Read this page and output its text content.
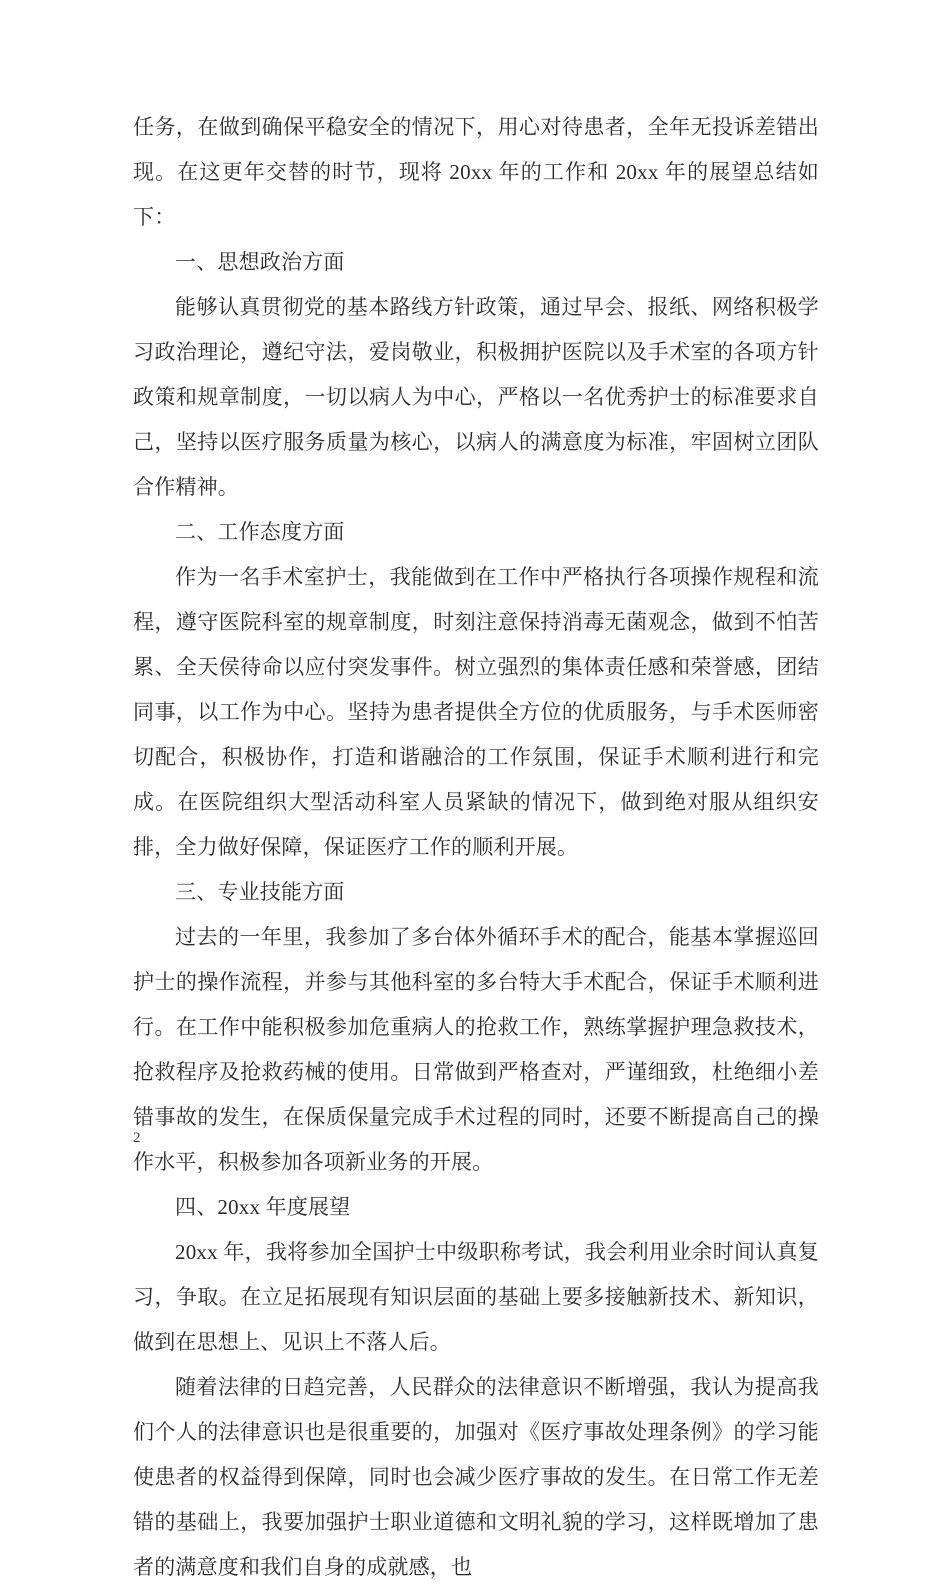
任务，在做到确保平稳安全的情况下，用心对待患者，全年无投诉差错出现。在这更年交替的时节，现将 20xx 年的工作和 20xx 年的展望总结如下：

一、思想政治方面

能够认真贯彻党的基本路线方针政策，通过早会、报纸、网络积极学习政治理论，遵纪守法，爱岗敬业，积极拥护医院以及手术室的各项方针政策和规章制度，一切以病人为中心，严格以一名优秀护士的标准要求自己，坚持以医疗服务质量为核心，以病人的满意度为标准，牢固树立团队合作精神。

二、工作态度方面

作为一名手术室护士，我能做到在工作中严格执行各项操作规程和流程，遵守医院科室的规章制度，时刻注意保持消毒无菌观念，做到不怕苦累、全天侯待命以应付突发事件。树立强烈的集体责任感和荣誉感，团结同事，以工作为中心。坚持为患者提供全方位的优质服务，与手术医师密切配合，积极协作，打造和谐融洽的工作氛围，保证手术顺利进行和完成。在医院组织大型活动科室人员紧缺的情况下，做到绝对服从组织安排，全力做好保障，保证医疗工作的顺利开展。

三、专业技能方面

过去的一年里，我参加了多台体外循环手术的配合，能基本掌握巡回护士的操作流程，并参与其他科室的多台特大手术配合，保证手术顺利进行。在工作中能积极参加危重病人的抢救工作，熟练掌握护理急救技术，抢救程序及抢救药械的使用。日常做到严格查对，严谨细致，杜绝细小差错事故的发生，在保质保量完成手术过程的同时，还要不断提高自己的操作水平，积极参加各项新业务的开展。

四、20xx 年度展望

20xx 年，我将参加全国护士中级职称考试，我会利用业余时间认真复习，争取。在立足拓展现有知识层面的基础上要多接触新技术、新知识，做到在思想上、见识上不落人后。

随着法律的日趋完善，人民群众的法律意识不断增强，我认为提高我们个人的法律意识也是很重要的，加强对《医疗事故处理条例》的学习能使患者的权益得到保障，同时也会减少医疗事故的发生。在日常工作无差错的基础上，我要加强护士职业道德和文明礼貌的学习，这样既增加了患者的满意度和我们自身的成就感，也

2
